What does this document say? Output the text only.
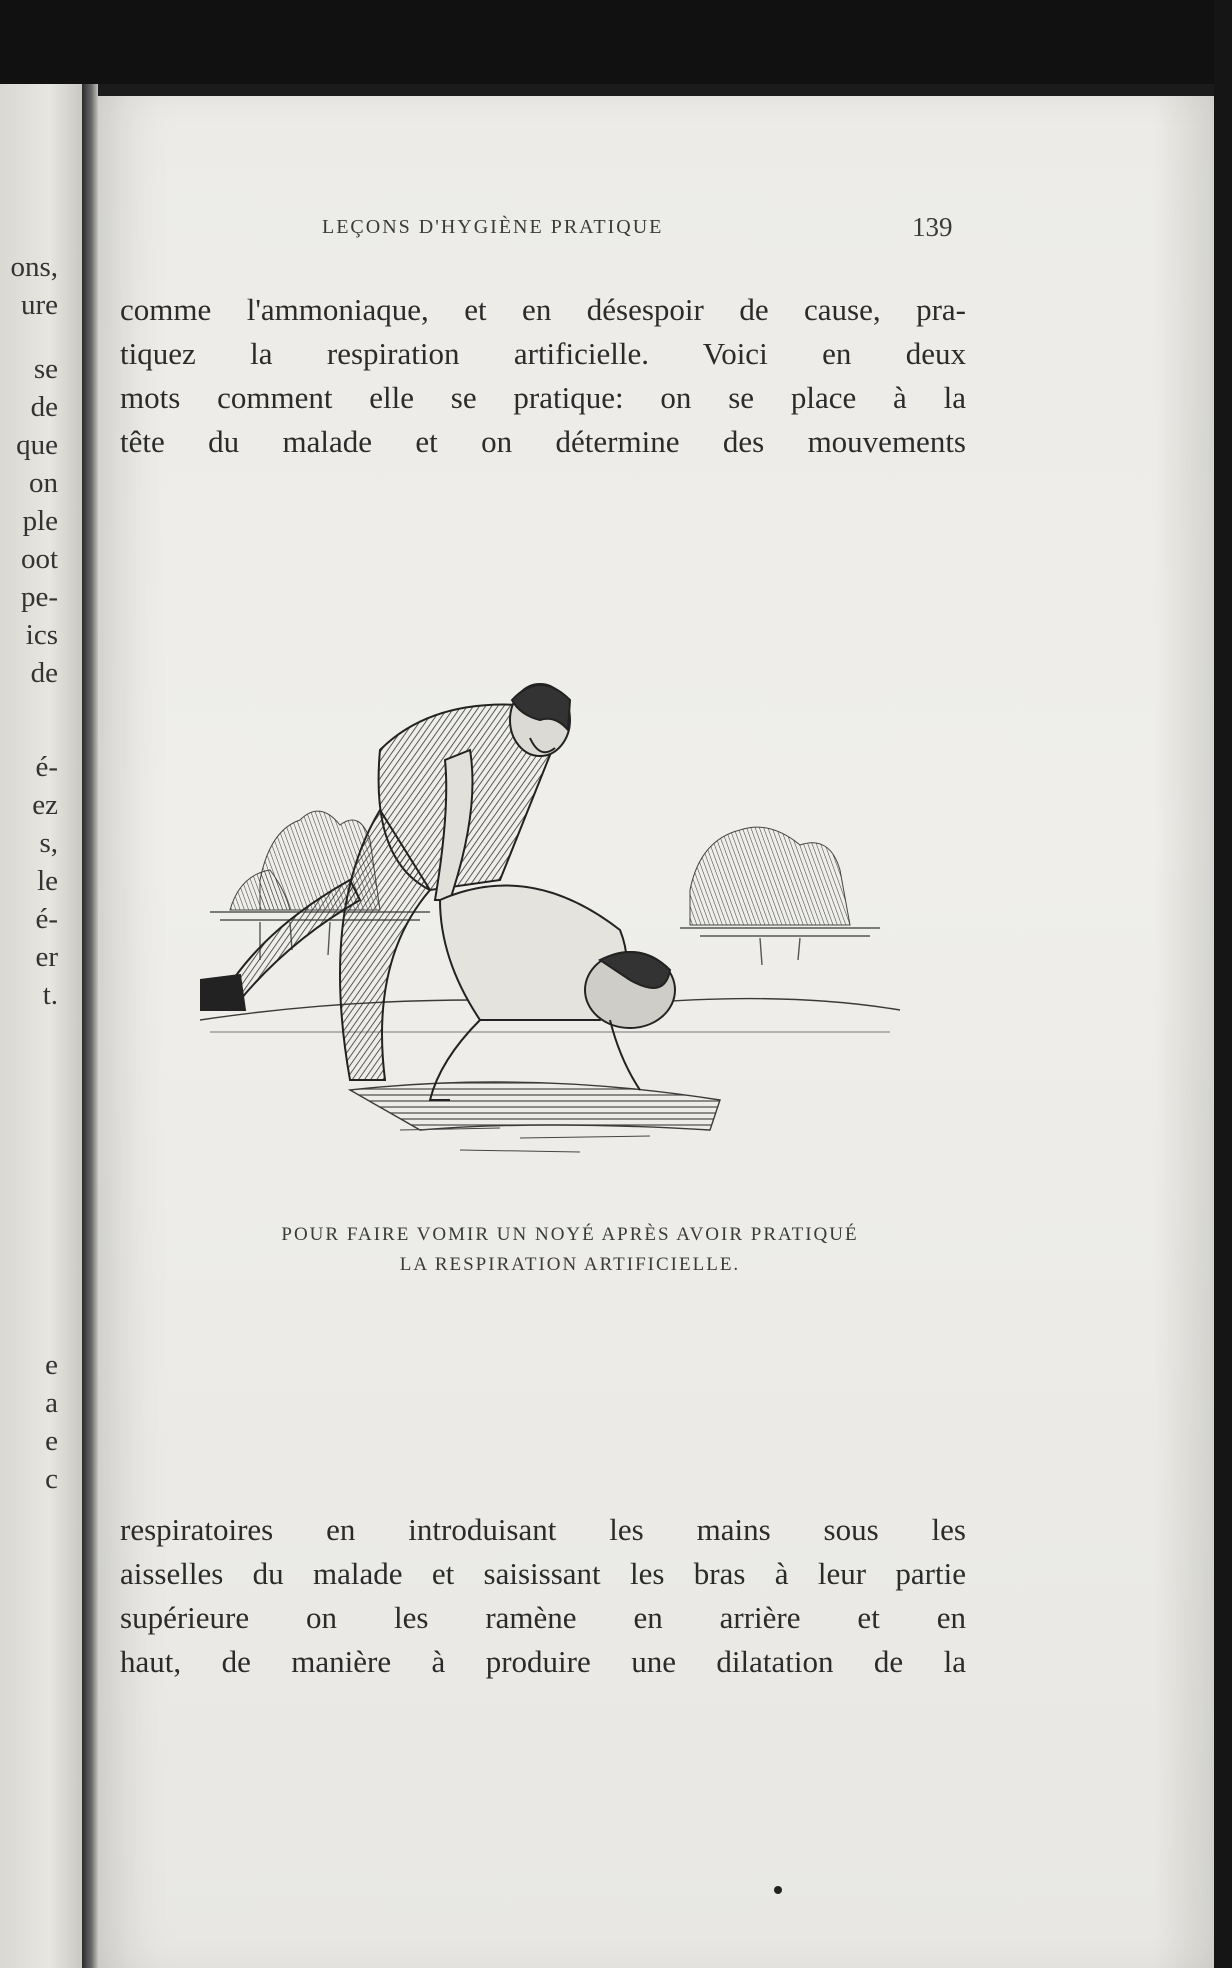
ons,
ure
se
de
que
on
ple
oot
pe-
ics
de
é-
ez
s,
le
é-
er
t.
e
a
e
c
LEÇONS D'HYGIÈNE PRATIQUE	139
comme l'ammoniaque, et en désespoir de cause, pra-
tiquez la respiration artificielle. Voici en deux
mots comment elle se pratique: on se place à la
tête du malade et on détermine des mouvements
POUR FAIRE VOMIR UN NOYÉ APRÈS AVOIR PRATIQUÉ
LA RESPIRATION ARTIFICIELLE.
respiratoires en introduisant les mains sous les
aisselles du malade et saisissant les bras à leur partie
supérieure on les ramène en arrière et en
haut, de manière à produire une dilatation de la
